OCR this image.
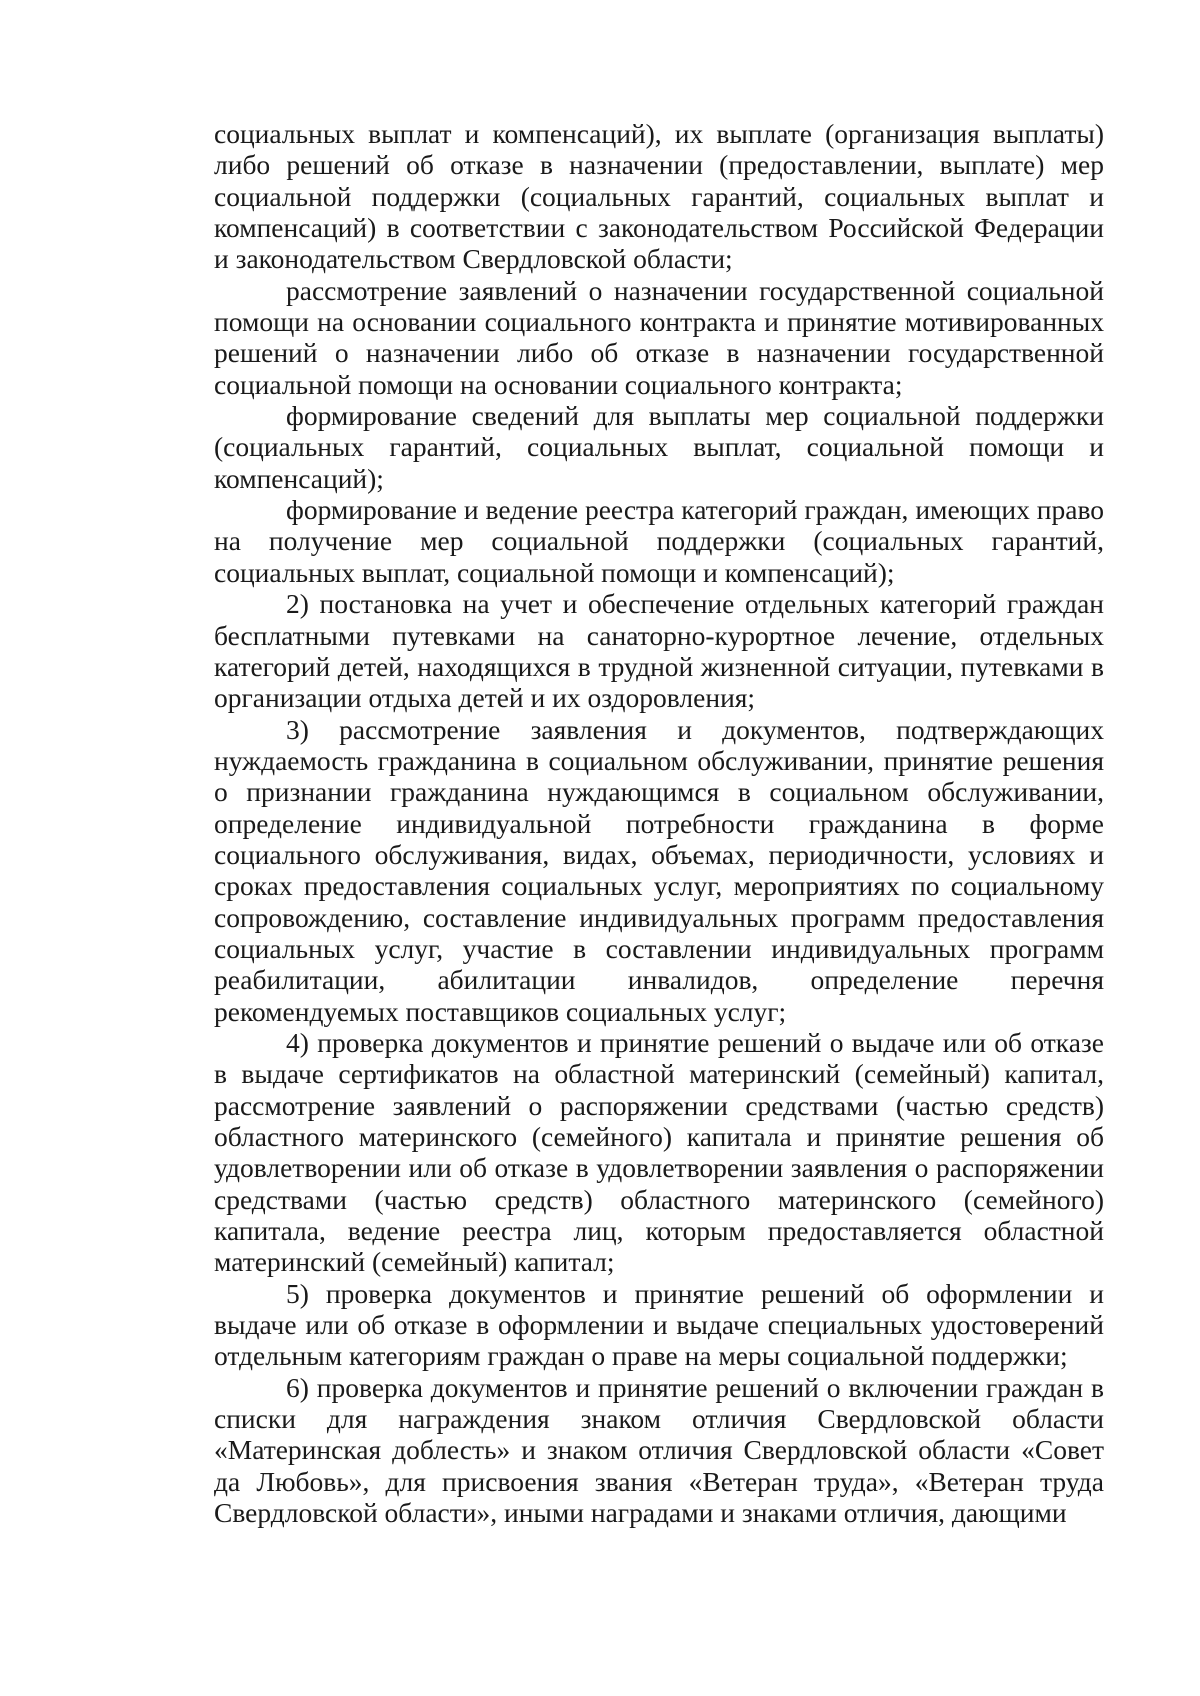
социальных выплат и компенсаций), их выплате (организация выплаты) либо решений об отказе в назначении (предоставлении, выплате) мер социальной поддержки (социальных гарантий, социальных выплат и компенсаций) в соответствии с законодательством Российской Федерации и законодательством Свердловской области;

рассмотрение заявлений о назначении государственной социальной помощи на основании социального контракта и принятие мотивированных решений о назначении либо об отказе в назначении государственной социальной помощи на основании социального контракта;

формирование сведений для выплаты мер социальной поддержки (социальных гарантий, социальных выплат, социальной помощи и компенсаций);

формирование и ведение реестра категорий граждан, имеющих право на получение мер социальной поддержки (социальных гарантий, социальных выплат, социальной помощи и компенсаций);

2) постановка на учет и обеспечение отдельных категорий граждан бесплатными путевками на санаторно-курортное лечение, отдельных категорий детей, находящихся в трудной жизненной ситуации, путевками в организации отдыха детей и их оздоровления;

3) рассмотрение заявления и документов, подтверждающих нуждаемость гражданина в социальном обслуживании, принятие решения о признании гражданина нуждающимся в социальном обслуживании, определение индивидуальной потребности гражданина в форме социального обслуживания, видах, объемах, периодичности, условиях и сроках предоставления социальных услуг, мероприятиях по социальному сопровождению, составление индивидуальных программ предоставления социальных услуг, участие в составлении индивидуальных программ реабилитации, абилитации инвалидов, определение перечня рекомендуемых поставщиков социальных услуг;

4) проверка документов и принятие решений о выдаче или об отказе в выдаче сертификатов на областной материнский (семейный) капитал, рассмотрение заявлений о распоряжении средствами (частью средств) областного материнского (семейного) капитала и принятие решения об удовлетворении или об отказе в удовлетворении заявления о распоряжении средствами (частью средств) областного материнского (семейного) капитала, ведение реестра лиц, которым предоставляется областной материнский (семейный) капитал;

5) проверка документов и принятие решений об оформлении и выдаче или об отказе в оформлении и выдаче специальных удостоверений отдельным категориям граждан о праве на меры социальной поддержки;

6) проверка документов и принятие решений о включении граждан в списки для награждения знаком отличия Свердловской области «Материнская доблесть» и знаком отличия Свердловской области «Совет да Любовь», для присвоения звания «Ветеран труда», «Ветеран труда Свердловской области», иными наградами и знаками отличия, дающими
